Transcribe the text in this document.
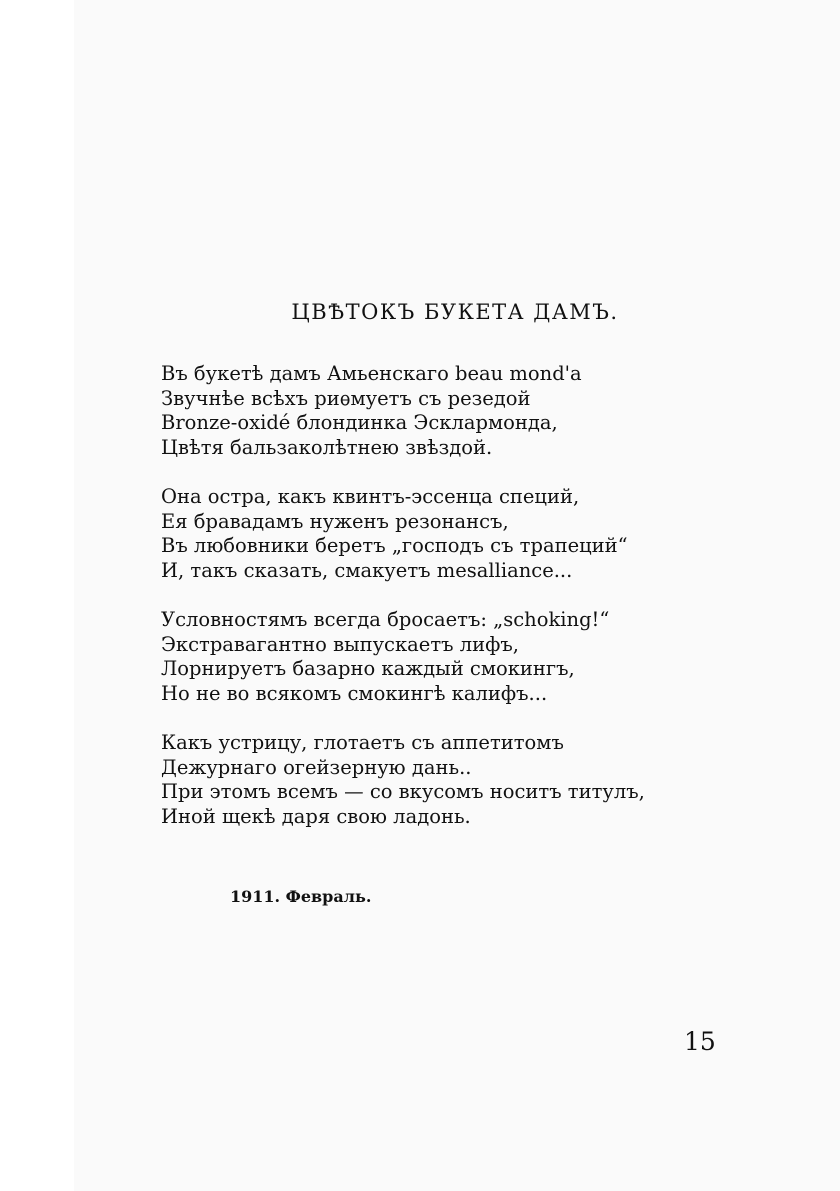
ЦВѢТОКЪ БУКЕТА ДАМЪ.
Въ букетѣ дамъ Амьенскаго beau mond'a
Звучнѣе всѣхъ риѳмуетъ съ резедой
Bronze-oxidé блондинка Эсклармонда,
Цвѣтя бальзаколѣтнею звѣздой.
Она остра, какъ квинтъ-эссенца специй,
Ея бравадамъ нуженъ резонансъ,
Въ любовники беретъ „господъ съ трапеций“
И, такъ сказать, смакуетъ mesalliance...
Условностямъ всегда бросаетъ: „schoking!“
Экстравагантно выпускаетъ лифъ,
Лорнируетъ базарно каждый смокингъ,
Но не во всякомъ смокингѣ калифъ...
Какъ устрицу, глотаетъ съ аппетитомъ
Дежурнаго огейзерную дань..
При этомъ всемъ — со вкусомъ носитъ титулъ,
Иной щекѣ даря свою ладонь.
1911. Февраль.
15
